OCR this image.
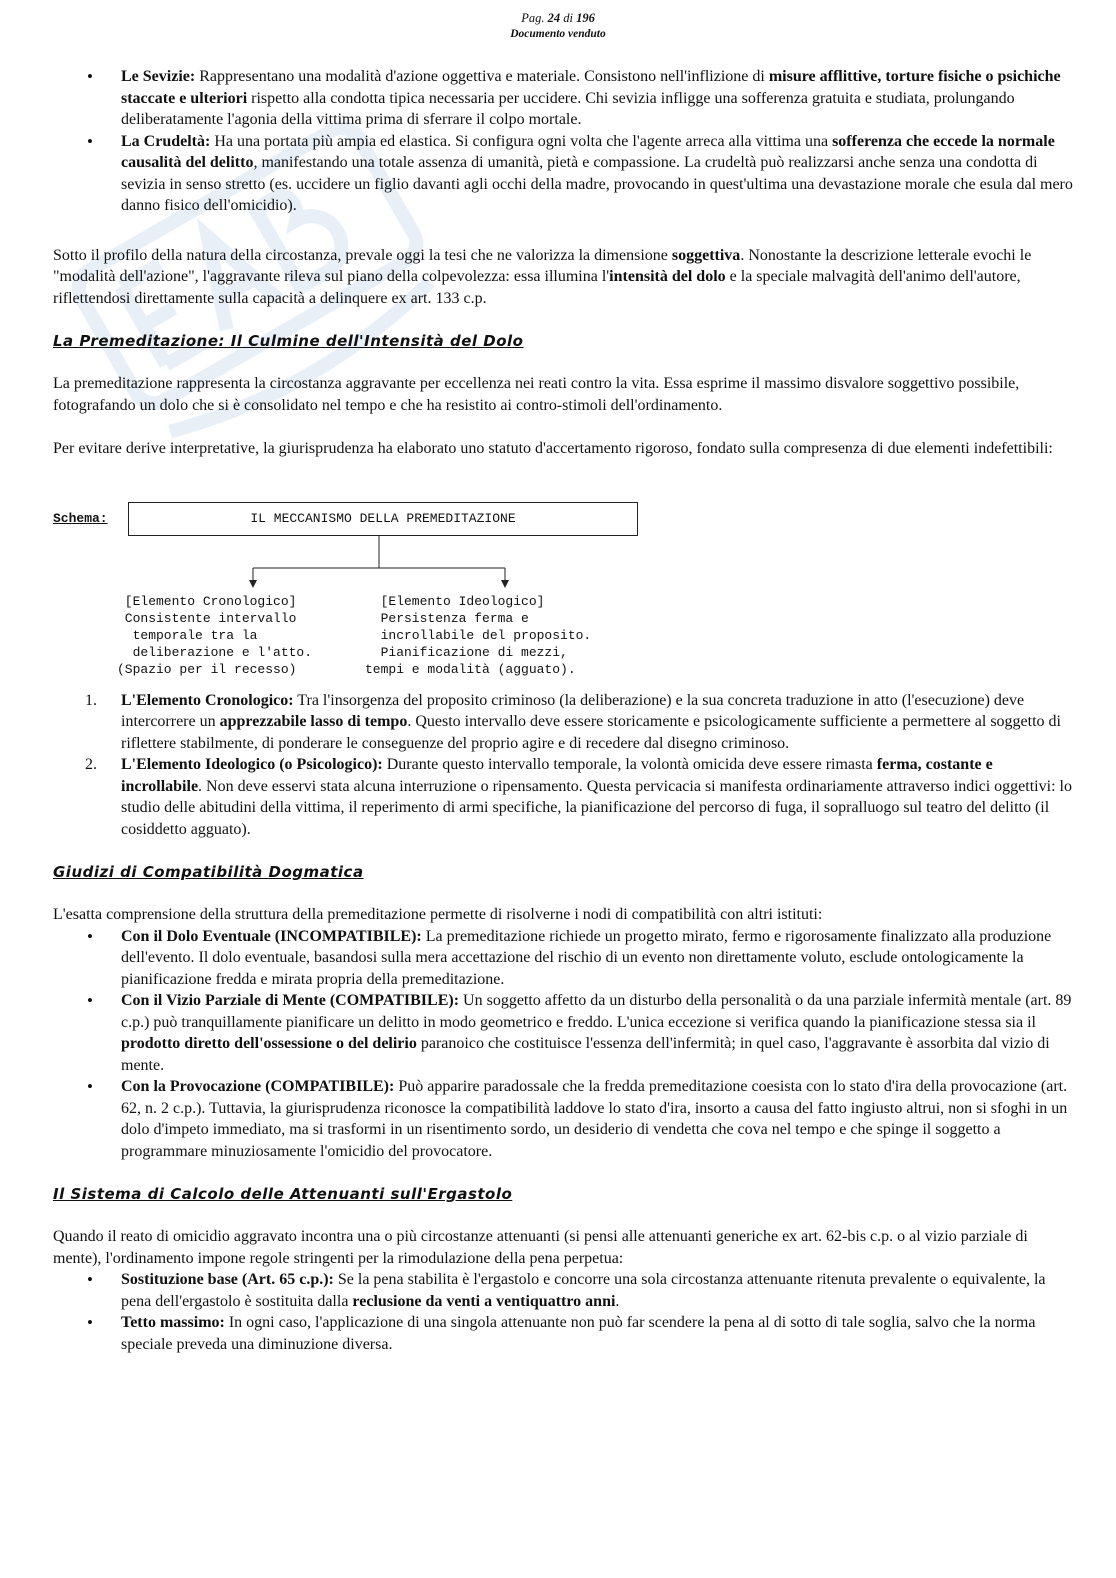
Pag. 24 di 196
Documento venduto
• Le Sevizie: Rappresentano una modalità d'azione oggettiva e materiale. Consistono nell'inflizione di misure afflittive, torture fisiche o psichiche staccate e ulteriori rispetto alla condotta tipica necessaria per uccidere. Chi sevizia infligge una sofferenza gratuita e studiata, prolungando deliberatamente l'agonia della vittima prima di sferrare il colpo mortale.
• La Crudeltà: Ha una portata più ampia ed elastica. Si configura ogni volta che l'agente arreca alla vittima una sofferenza che eccede la normale causalità del delitto, manifestando una totale assenza di umanità, pietà e compassione. La crudeltà può realizzarsi anche senza una condotta di sevizia in senso stretto (es. uccidere un figlio davanti agli occhi della madre, provocando in quest'ultima una devastazione morale che esula dal mero danno fisico dell'omicidio).

Sotto il profilo della natura della circostanza, prevale oggi la tesi che ne valorizza la dimensione soggettiva. Nonostante la descrizione letterale evochi le "modalità dell'azione", l'aggravante rileva sul piano della colpevolezza: essa illumina l'intensità del dolo e la speciale malvagità dell'animo dell'autore, riflettendosi direttamente sulla capacità a delinquere ex art. 133 c.p.

La Premeditazione: Il Culmine dell'Intensità del Dolo

La premeditazione rappresenta la circostanza aggravante per eccellenza nei reati contro la vita. Essa esprime il massimo disvalore soggettivo possibile, fotografando un dolo che si è consolidato nel tempo e che ha resistito ai contro-stimoli dell'ordinamento.

Per evitare derive interpretative, la giurisprudenza ha elaborato uno statuto d'accertamento rigoroso, fondato sulla compresenza di due elementi indefettibili:

Schema:	IL MECCANISMO DELLA PREMEDITAZIONE
[Elemento Cronologico]
Consistente intervallo
temporale tra la
deliberazione e l'atto.
(Spazio per il recesso)
[Elemento Ideologico]
Persistenza ferma e
incrollabile del proposito.
Pianificazione di mezzi,
tempi e modalità (agguato).
1. L'Elemento Cronologico: Tra l'insorgenza del proposito criminoso (la deliberazione) e la sua concreta traduzione in atto (l'esecuzione) deve intercorrere un apprezzabile lasso di tempo. Questo intervallo deve essere storicamente e psicologicamente sufficiente a permettere al soggetto di riflettere stabilmente, di ponderare le conseguenze del proprio agire e di recedere dal disegno criminoso.
2. L'Elemento Ideologico (o Psicologico): Durante questo intervallo temporale, la volontà omicida deve essere rimasta ferma, costante e incrollabile. Non deve esservi stata alcuna interruzione o ripensamento. Questa pervicacia si manifesta ordinariamente attraverso indici oggettivi: lo studio delle abitudini della vittima, il reperimento di armi specifiche, la pianificazione del percorso di fuga, il sopralluogo sul teatro del delitto (il cosiddetto agguato).
Giudizi di Compatibilità Dogmatica

L'esatta comprensione della struttura della premeditazione permette di risolverne i nodi di compatibilità con altri istituti:

• Con il Dolo Eventuale (INCOMPATIBILE): La premeditazione richiede un progetto mirato, fermo e rigorosamente finalizzato alla produzione dell'evento. Il dolo eventuale, basandosi sulla mera accettazione del rischio di un evento non direttamente voluto, esclude ontologicamente la pianificazione fredda e mirata propria della premeditazione.
• Con il Vizio Parziale di Mente (COMPATIBILE): Un soggetto affetto da un disturbo della personalità o da una parziale infermità mentale (art. 89 c.p.) può tranquillamente pianificare un delitto in modo geometrico e freddo. L'unica eccezione si verifica quando la pianificazione stessa sia il prodotto diretto dell'ossessione o del delirio paranoico che costituisce l'essenza dell'infermità; in quel caso, l'aggravante è assorbita dal vizio di mente.
• Con la Provocazione (COMPATIBILE): Può apparire paradossale che la fredda premeditazione coesista con lo stato d'ira della provocazione (art. 62, n. 2 c.p.). Tuttavia, la giurisprudenza riconosce la compatibilità laddove lo stato d'ira, insorto a causa del fatto ingiusto altrui, non si sfoghi in un dolo d'impeto immediato, ma si trasformi in un risentimento sordo, un desiderio di vendetta che cova nel tempo e che spinge il soggetto a programmare minuziosamente l'omicidio del provocatore.
Il Sistema di Calcolo delle Attenuanti sull'Ergastolo

Quando il reato di omicidio aggravato incontra una o più circostanze attenuanti (si pensi alle attenuanti generiche ex art. 62-bis c.p. o al vizio parziale di mente), l'ordinamento impone regole stringenti per la rimodulazione della pena perpetua:

• Sostituzione base (Art. 65 c.p.): Se la pena stabilita è l'ergastolo e concorre una sola circostanza attenuante ritenuta prevalente o equivalente, la pena dell'ergastolo è sostituita dalla reclusione da venti a ventiquattro anni.
• Tetto massimo: In ogni caso, l'applicazione di una singola attenuante non può far scendere la pena al di sotto di tale soglia, salvo che la norma speciale preveda una diminuzione diversa.
